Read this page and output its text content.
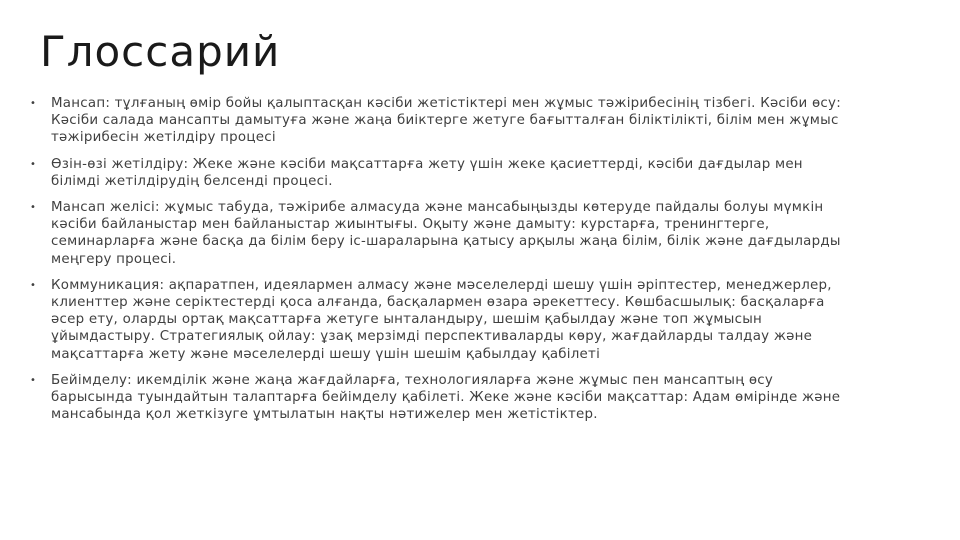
Глоссарий
• Мансап: тұлғаның өмір бойы қалыптасқан кәсіби жетістіктері мен жұмыс тәжірибесінің тізбегі. Кәсіби өсу: Кәсіби салада мансапты дамытуға және жаңа биіктерге жетуге бағытталған біліктілікті, білім мен жұмыс тәжірибесін жетілдіру процесі
• Өзін-өзі жетілдіру: Жеке және кәсіби мақсаттарға жету үшін жеке қасиеттерді, кәсіби дағдылар мен білімді жетілдірудің белсенді процесі.
• Мансап желісі: жұмыс табуда, тәжірибе алмасуда және мансабыңызды көтеруде пайдалы болуы мүмкін кәсіби байланыстар мен байланыстар жиынтығы. Оқыту және дамыту: курстарға, тренингтерге, семинарларға және басқа да білім беру іс-шараларына қатысу арқылы жаңа білім, білік және дағдыларды меңгеру процесі.
• Коммуникация: ақпаратпен, идеялармен алмасу және мәселелерді шешу үшін әріптестер, менеджерлер, клиенттер және серіктестерді қоса алғанда, басқалармен өзара әрекеттесу. Көшбасшылық: басқаларға әсер ету, оларды ортақ мақсаттарға жетуге ынталандыру, шешім қабылдау және топ жұмысын ұйымдастыру. Стратегиялық ойлау: ұзақ мерзімді перспективаларды көру, жағдайларды талдау және мақсаттарға жету және мәселелерді шешу үшін шешім қабылдау қабілеті
• Бейімделу: икемділік және жаңа жағдайларға, технологияларға және жұмыс пен мансаптың өсу барысында туындайтын талаптарға бейімделу қабілеті. Жеке және кәсіби мақсаттар: Адам өмірінде және мансабында қол жеткізуге ұмтылатын нақты нәтижелер мен жетістіктер.
